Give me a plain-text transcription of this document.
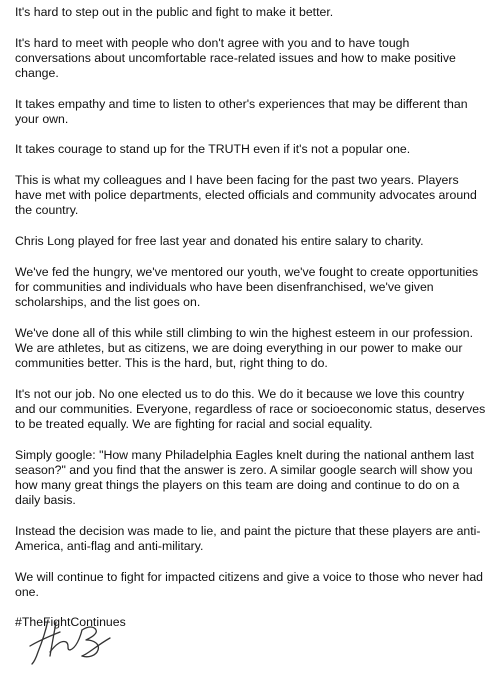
It's hard to step out in the public and fight to make it better.

It's hard to meet with people who don't agree with you and to have tough conversations about uncomfortable race-related issues and how to make positive change.

It takes empathy and time to listen to other's experiences that may be different than your own.

It takes courage to stand up for the TRUTH even if it's not a popular one.

This is what my colleagues and I have been facing for the past two years. Players have met with police departments, elected officials and community advocates around the country.

Chris Long played for free last year and donated his entire salary to charity.

We've fed the hungry, we've mentored our youth, we've fought to create opportunities for communities and individuals who have been disenfranchised, we've given scholarships, and the list goes on.

We've done all of this while still climbing to win the highest esteem in our profession. We are athletes, but as citizens, we are doing everything in our power to make our communities better. This is the hard, but, right thing to do.

It's not our job. No one elected us to do this. We do it because we love this country and our communities. Everyone, regardless of race or socioeconomic status, deserves to be treated equally. We are fighting for racial and social equality.

Simply google: "How many Philadelphia Eagles knelt during the national anthem last season?" and you find that the answer is zero. A similar google search will show you how many great things the players on this team are doing and continue to do on a daily basis.

Instead the decision was made to lie, and paint the picture that these players are anti-America, anti-flag and anti-military.

We will continue to fight for impacted citizens and give a voice to those who never had one.

#TheFightContinues
